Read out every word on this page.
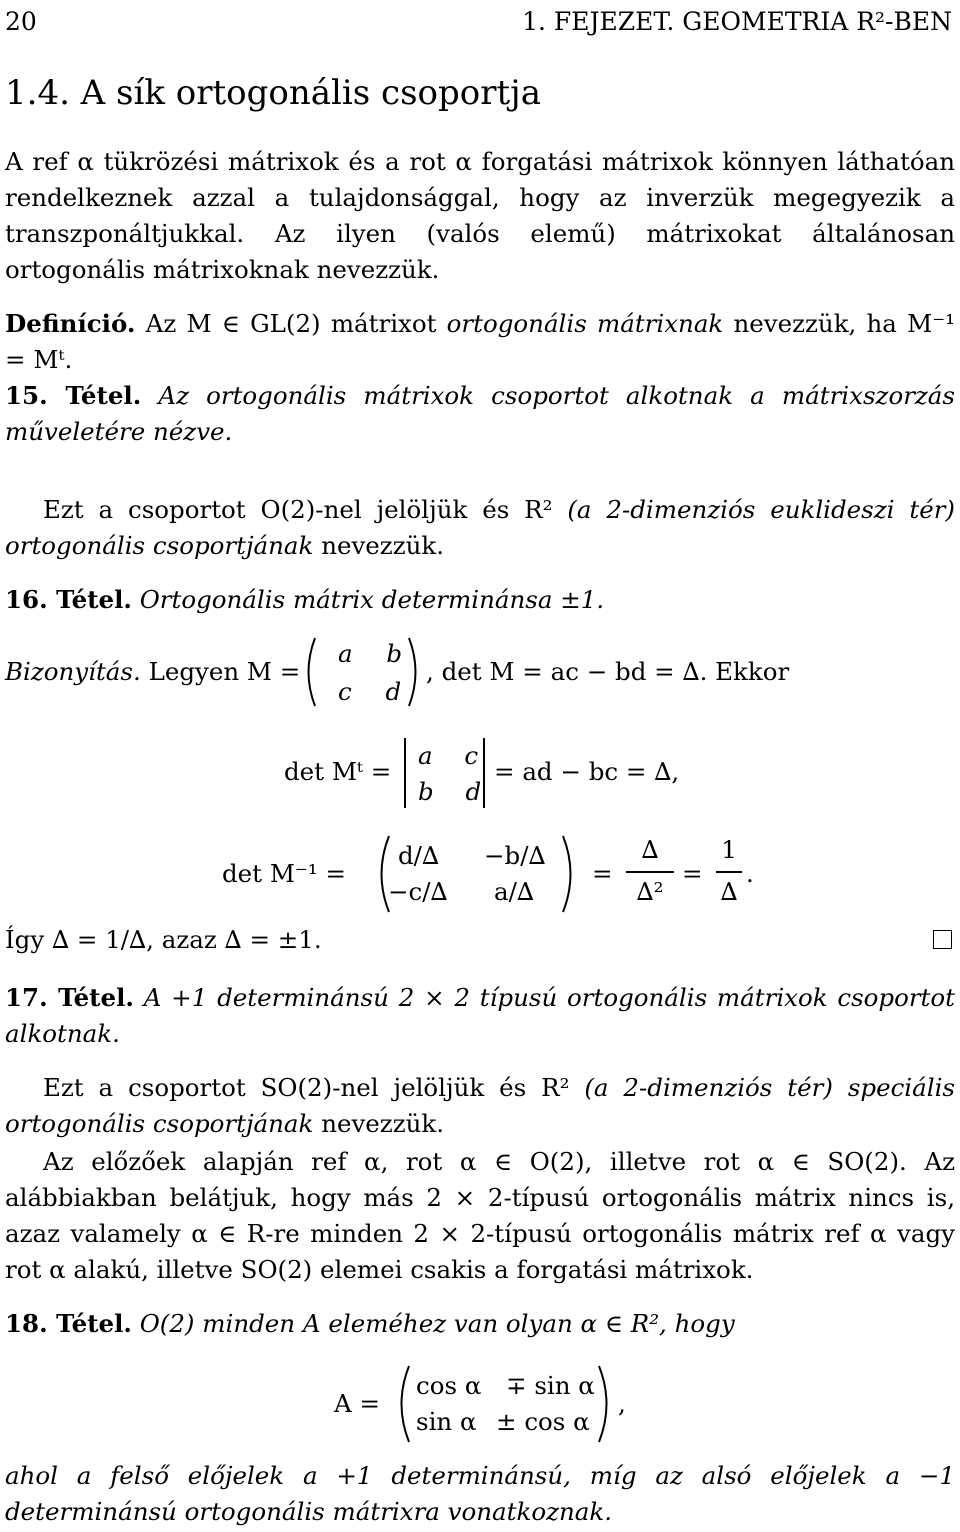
20	1. FEJEZET. GEOMETRIA R²-BEN
1.4. A sík ortogonális csoportja
A ref α tükrözési mátrixok és a rot α forgatási mátrixok könnyen láthatóan rendelkeznek azzal a tulajdonsággal, hogy az inverzük megegyezik a transzponáltjukkal. Az ilyen (valós elemű) mátrixokat általánosan ortogonális mátrixoknak nevezzük.
Definíció. Az M ∈ GL(2) mátrixot ortogonális mátrixnak nevezzük, ha M⁻¹ = Mᵗ.
15. Tétel. Az ortogonális mátrixok csoportot alkotnak a mátrixszorzás műveletére nézve.
Ezt a csoportot O(2)-nel jelöljük és R² (a 2-dimenziós euklideszi tér) ortogonális csoportjának nevezzük.
16. Tétel. Ortogonális mátrix determinánsa ±1.
Bizonyítás. Legyen M =
a b
c d
, det M = ac − bd = ∆. Ekkor
det Mᵗ =
a c
b d
= ad − bc = ∆,
det M⁻¹ =
d/∆ −b/∆
−c/∆ a/∆
=
∆
∆²
=
1
∆
.
Így ∆ = 1/∆, azaz ∆ = ±1.
17. Tétel. A +1 determinánsú 2 × 2 típusú ortogonális mátrixok csoportot alkotnak.
Ezt a csoportot SO(2)-nel jelöljük és R² (a 2-dimenziós tér) speciális ortogonális csoportjának nevezzük.
Az előzőek alapján ref α, rot α ∈ O(2), illetve rot α ∈ SO(2). Az alábbiakban belátjuk, hogy más 2 × 2-típusú ortogonális mátrix nincs is, azaz valamely α ∈ R-re minden 2 × 2-típusú ortogonális mátrix ref α vagy rot α alakú, illetve SO(2) elemei csakis a forgatási mátrixok.
18. Tétel. O(2) minden A eleméhez van olyan α ∈ R², hogy
A =
cos α ∓ sin α
sin α ± cos α
,
ahol a felső előjelek a +1 determinánsú, míg az alsó előjelek a −1 determinánsú ortogonális mátrixra vonatkoznak.
